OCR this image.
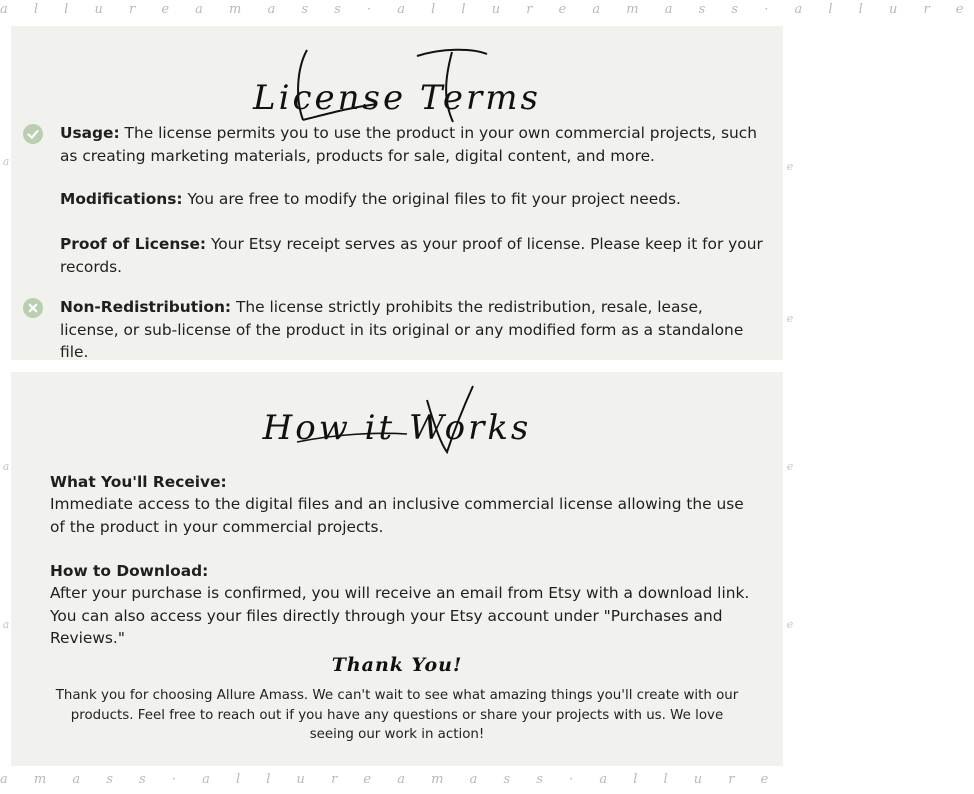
a l l u r e a m a s s · a l l u r e a m a s s · a l l u r e
a m a s s · a l l u r e a m a s s · a l l u r e
License Terms
Usage: The license permits you to use the product in your own commercial projects, such as creating marketing materials, products for sale, digital content, and more.
Modifications: You are free to modify the original files to fit your project needs.
Proof of License: Your Etsy receipt serves as your proof of license. Please keep it for your records.
Non-Redistribution: The license strictly prohibits the redistribution, resale, lease, license, or sub-license of the product in its original or any modified form as a standalone file.
How it Works
What You'll Receive:
Immediate access to the digital files and an inclusive commercial license allowing the use of the product in your commercial projects.
How to Download:
After your purchase is confirmed, you will receive an email from Etsy with a download link. You can also access your files directly through your Etsy account under "Purchases and Reviews."
Thank You!
Thank you for choosing Allure Amass. We can't wait to see what amazing things you'll create with our products. Feel free to reach out if you have any questions or share your projects with us. We love seeing our work in action!
a
a
a
e
e
e
e
